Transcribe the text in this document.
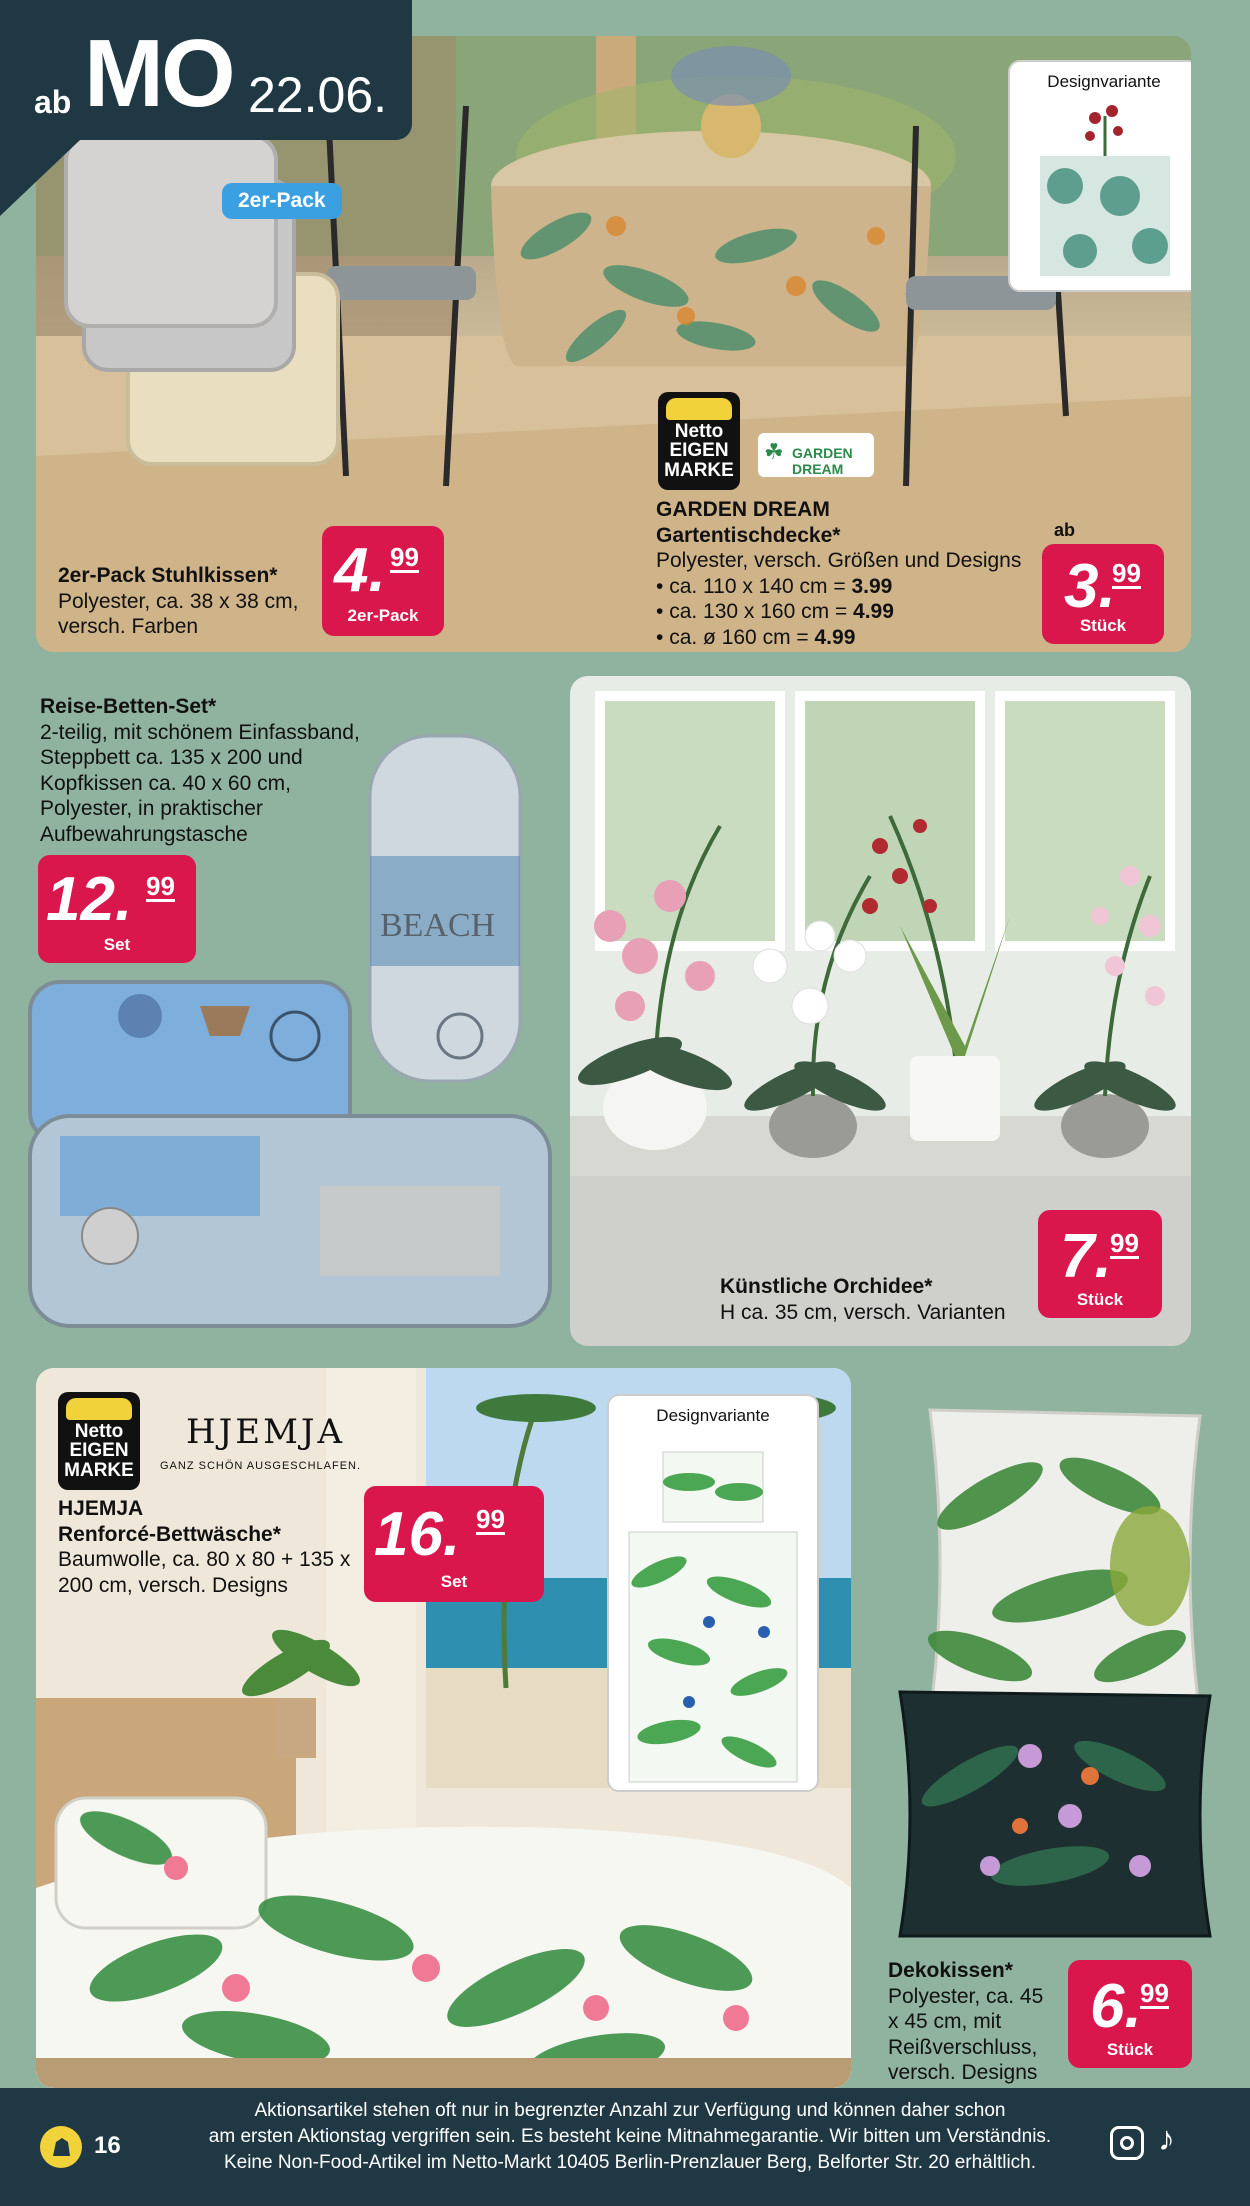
Designvariante
2er-Pack
Netto
EIGEN
MARKE
☘ GARDEN DREAM
GARDEN DREAM
Gartentischdecke*
Polyester, versch. Größen und Designs
• ca. 110 x 140 cm = 3.99
• ca. 130 x 160 cm = 4.99
• ca. ø 160 cm = 4.99
2er-Pack Stuhlkissen*
Polyester, ca. 38 x 38 cm, versch. Farben
4. 99
2er-Pack
ab
3.
99
Stück
ab MO 22.06.
Reise-Betten-Set*
2-teilig, mit schönem Einfassband, Steppbett ca. 135 x 200 und Kopfkissen ca. 40 x 60 cm, Polyester, in praktischer Aufbewahrungstasche
12. 99
Set
BEACH
Künstliche Orchidee*
H ca. 35 cm, versch. Varianten
7.
99
Stück
Designvariante
Netto
EIGEN
MARKE
HJEMJA
GANZ SCHÖN AUSGESCHLAFEN.
HJEMJA
Renforcé-Bettwäsche*
Baumwolle, ca. 80 x 80 + 135 x 200 cm, versch. Designs
16. 99
Set
Dekokissen*
Polyester, ca. 45 x 45 cm, mit Reißverschluss, versch. Designs
6.
99
Stück
16
Aktionsartikel stehen oft nur in begrenzter Anzahl zur Verfügung und können daher schon
am ersten Aktionstag vergriffen sein. Es besteht keine Mitnahmegarantie. Wir bitten um Verständnis.
Keine Non-Food-Artikel im Netto-Markt 10405 Berlin-Prenzlauer Berg, Belforter Str. 20 erhältlich.
♪
